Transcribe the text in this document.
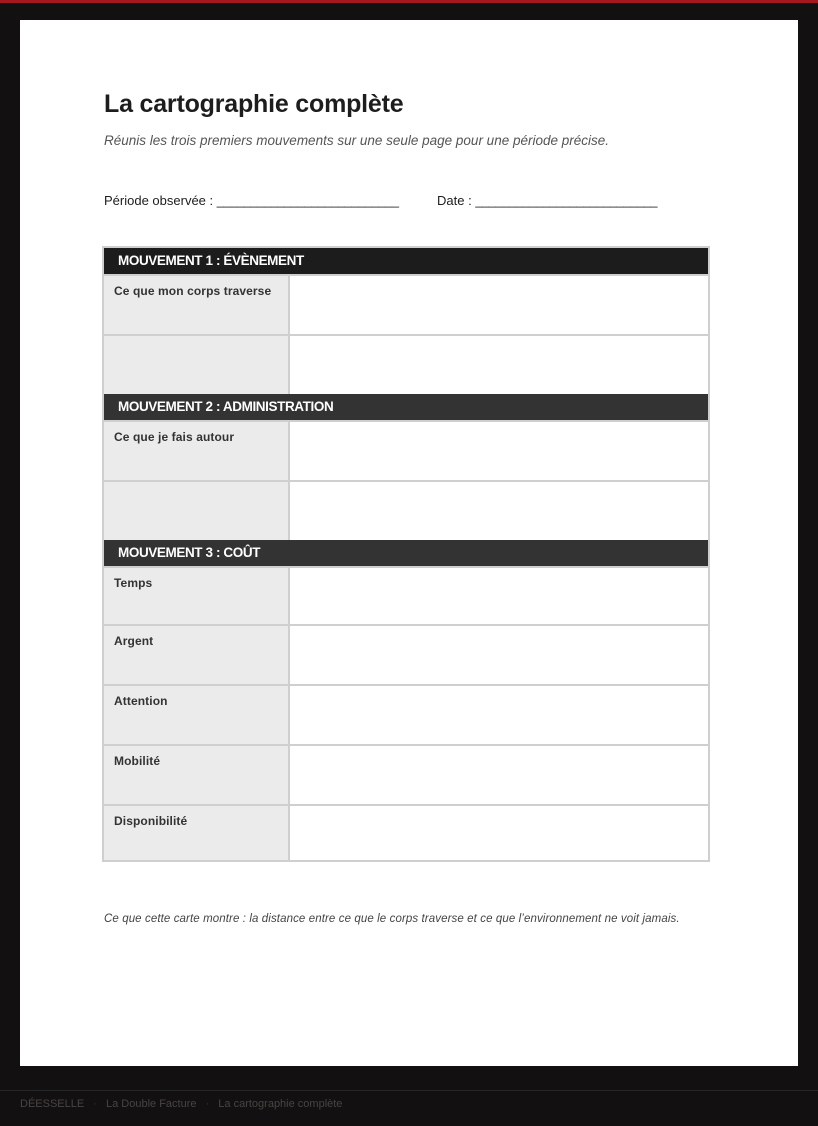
La cartographie complète

Réunis les trois premiers mouvements sur une seule page pour une période précise.

Période observée : ___________________________	Date : ___________________________
MOUVEMENT 1 : ÉVÈNEMENT
Ce que mon corps traverse
MOUVEMENT 2 : ADMINISTRATION
Ce que je fais autour
MOUVEMENT 3 : COÛT
Temps
Argent
Attention
Mobilité
Disponibilité

Ce que cette carte montre : la distance entre ce que le corps traverse et ce que l’environnement ne voit jamais.

DÉESSELLE · La Double Facture · La cartographie complète
